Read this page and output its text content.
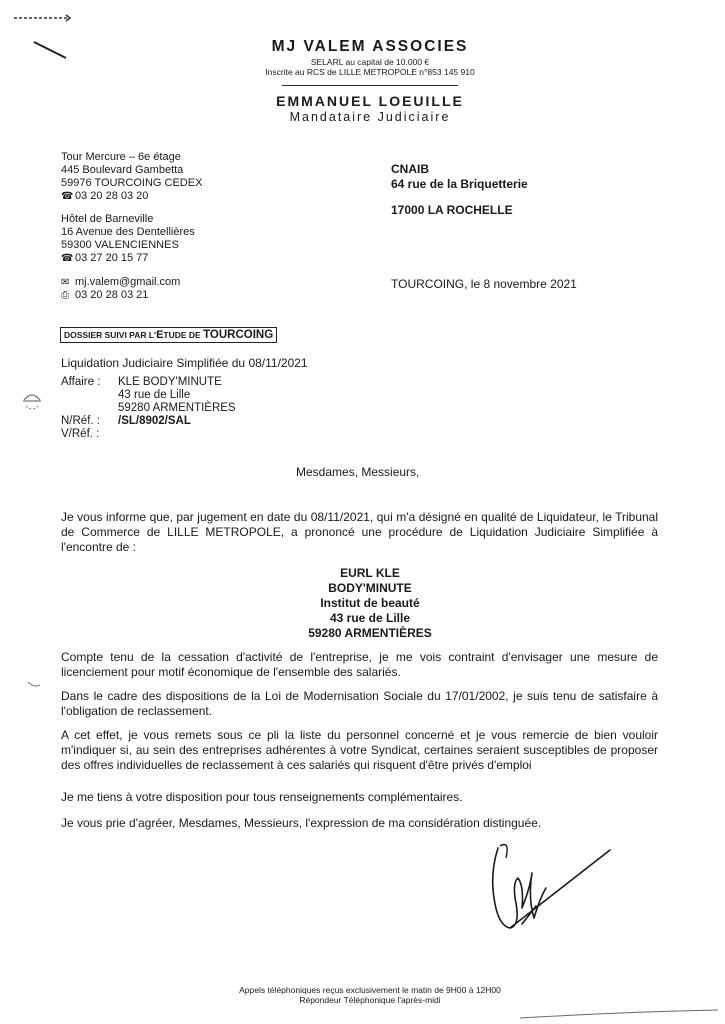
MJ VALEM ASSOCIES
SELARL au capital de 10.000 €
Inscrite au RCS de LILLE METROPOLE n°853 145 910
EMMANUEL LOEUILLE
Mandataire Judiciaire
Tour Mercure – 6e étage
445 Boulevard Gambetta
59976 TOURCOING CEDEX
☎ 03 20 28 03 20
Hôtel de Barneville
16 Avenue des Dentellières
59300 VALENCIENNES
☎ 03 27 20 15 77
✉ mj.valem@gmail.com
⎙ 03 20 28 03 21
CNAIB
64 rue de la Briquetterie
17000 LA ROCHELLE
TOURCOING, le 8 novembre 2021
DOSSIER SUIVI PAR L'ETUDE DE TOURCOING
Liquidation Judiciaire Simplifiée du 08/11/2021
Affaire :	KLE BODY'MINUTE
43 rue de Lille
59280 ARMENTIÈRES
N/Réf. :	/SL/8902/SAL
V/Réf. :
Mesdames, Messieurs,
Je vous informe que, par jugement en date du 08/11/2021, qui m'a désigné en qualité de Liquidateur, le Tribunal de Commerce de LILLE METROPOLE, a prononcé une procédure de Liquidation Judiciaire Simplifiée à l'encontre de :
EURL KLE
BODY'MINUTE
Institut de beauté
43 rue de Lille
59280 ARMENTIÈRES
Compte tenu de la cessation d'activité de l'entreprise, je me vois contraint d'envisager une mesure de licenciement pour motif économique de l'ensemble des salariés.
Dans le cadre des dispositions de la Loi de Modernisation Sociale du 17/01/2002, je suis tenu de satisfaire à l'obligation de reclassement.
A cet effet, je vous remets sous ce pli la liste du personnel concerné et je vous remercie de bien vouloir m'indiquer si, au sein des entreprises adhérentes à votre Syndicat, certaines seraient susceptibles de proposer des offres individuelles de reclassement à ces salariés qui risquent d'être privés d'emploi
Je me tiens à votre disposition pour tous renseignements complémentaires.
Je vous prie d'agréer, Mesdames, Messieurs, l'expression de ma considération distinguée.
Appels téléphoniques reçus exclusivement le matin de 9H00 à 12H00
Répondeur Téléphonique l'après-midi
